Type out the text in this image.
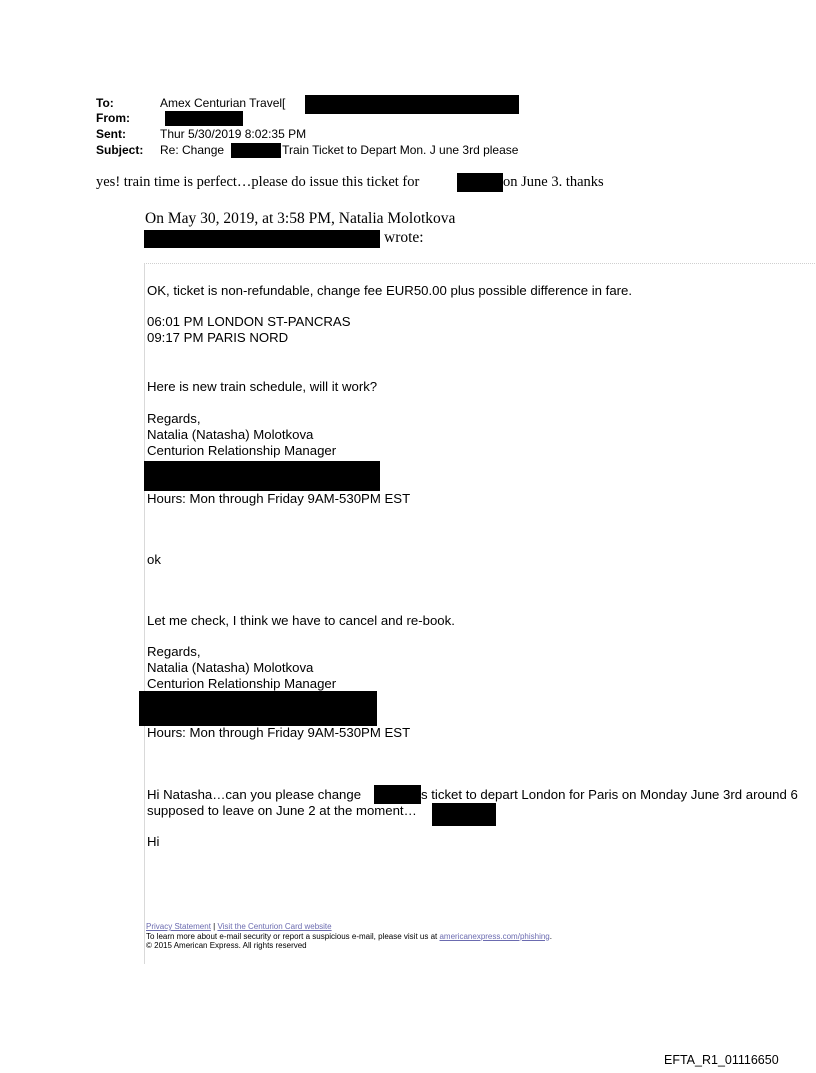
To:	Amex Centurian Travel[
From:
Sent:	Thur 5/30/2019 8:02:35 PM
Subject: Re: Change	s Train Ticket to Depart Mon. J une 3rd please
yes! train time is perfect…please do issue this ticket for	on June 3. thanks
On May 30, 2019, at 3:58 PM, Natalia Molotkova
wrote:
OK, ticket is non-refundable, change fee EUR50.00 plus possible difference in fare.
06:01 PM LONDON ST-PANCRAS
09:17 PM PARIS NORD
Here is new train schedule, will it work?
Regards,
Natalia (Natasha) Molotkova
Centurion Relationship Manager
Hours: Mon through Friday 9AM-530PM EST
ok
Let me check, I think we have to cancel and re-book.
Regards,
Natalia (Natasha) Molotkova
Centurion Relationship Manager
Hours: Mon through Friday 9AM-530PM EST
Hi Natasha…can you please change	s ticket to depart London for Paris on Monday June 3rd around 6
supposed to leave on June 2 at the moment…
Hi
Privacy Statement | Visit the Centurion Card website
To learn more about e-mail security or report a suspicious e-mail, please visit us at americanexpress.com/phishing.
© 2015 American Express. All rights reserved
EFTA_R1_01116650
